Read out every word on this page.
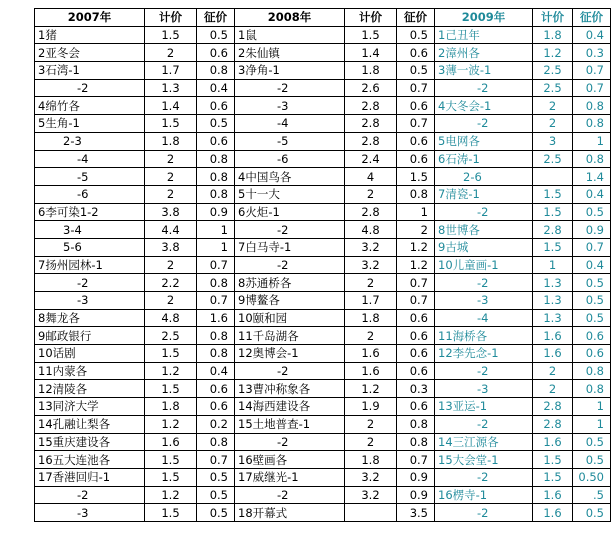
2007年	计价	征价	2008年	计价	征价	2009年	计价	征价
1猪	1.5	0.5	1鼠	1.5	0.5	1己丑年	1.8	0.4
2亚冬会	2	0.6	2朱仙镇	1.4	0.6	2漳州各	1.2	0.3
3石湾-1	1.7	0.8	3净角-1	1.8	0.5	3薄一波-1	2.5	0.7
-2	1.3	0.4	-2	2.6	0.7	-2	2.5	0.7
4绵竹各	1.4	0.6	-3	2.8	0.6	4大冬会-1	2	0.8
5生角-1	1.5	0.5	-4	2.8	0.7	-2	2	0.8
2-3	1.8	0.6	-5	2.8	0.6	5电网各	3	1
-4	2	0.8	-6	2.4	0.6	6石涛-1	2.5	0.8
-5	2	0.8	4中国鸟各	4	1.5	2-6		1.4
-6	2	0.8	5十一大	2	0.8	7清瓷-1	1.5	0.4
6李可染1-2	3.8	0.9	6火炬-1	2.8	1	-2	1.5	0.5
3-4	4.4	1	-2	4.8	2	8世博各	2.8	0.9
5-6	3.8	1	7白马寺-1	3.2	1.2	9古城	1.5	0.7
7扬州园林-1	2	0.7	-2	3.2	1.2	10儿童画-1	1	0.4
-2	2.2	0.8	8苏通桥各	2	0.7	-2	1.3	0.5
-3	2	0.7	9博鳌各	1.7	0.7	-3	1.3	0.5
8舞龙各	4.8	1.6	10颐和园	1.8	0.6	-4	1.3	0.5
9邮政银行	2.5	0.8	11千岛湖各	2	0.6	11海桥各	1.6	0.6
10话剧	1.5	0.8	12奥博会-1	1.6	0.6	12李先念-1	1.6	0.6
11内蒙各	1.2	0.4	-2	1.6	0.6	-2	2	0.8
12清陵各	1.5	0.6	13曹冲称象各	1.2	0.3	-3	2	0.8
13同济大学	1.8	0.6	14海西建设各	1.9	0.6	13亚运-1	2.8	1
14孔融让梨各	1.2	0.2	15土地普查-1	2	0.8	-2	2.8	1
15重庆建设各	1.6	0.8	-2	2	0.8	14三江源各	1.6	0.5
16五大连池各	1.5	0.7	16壁画各	1.8	0.7	15大会堂-1	1.5	0.5
17香港回归-1	1.5	0.5	17威继光-1	3.2	0.9	-2	1.5	0.50
-2	1.2	0.5	-2	3.2	0.9	16楞寺-1	1.6	.5
-3	1.5	0.5	18开幕式		3.5	-2	1.6	0.5
